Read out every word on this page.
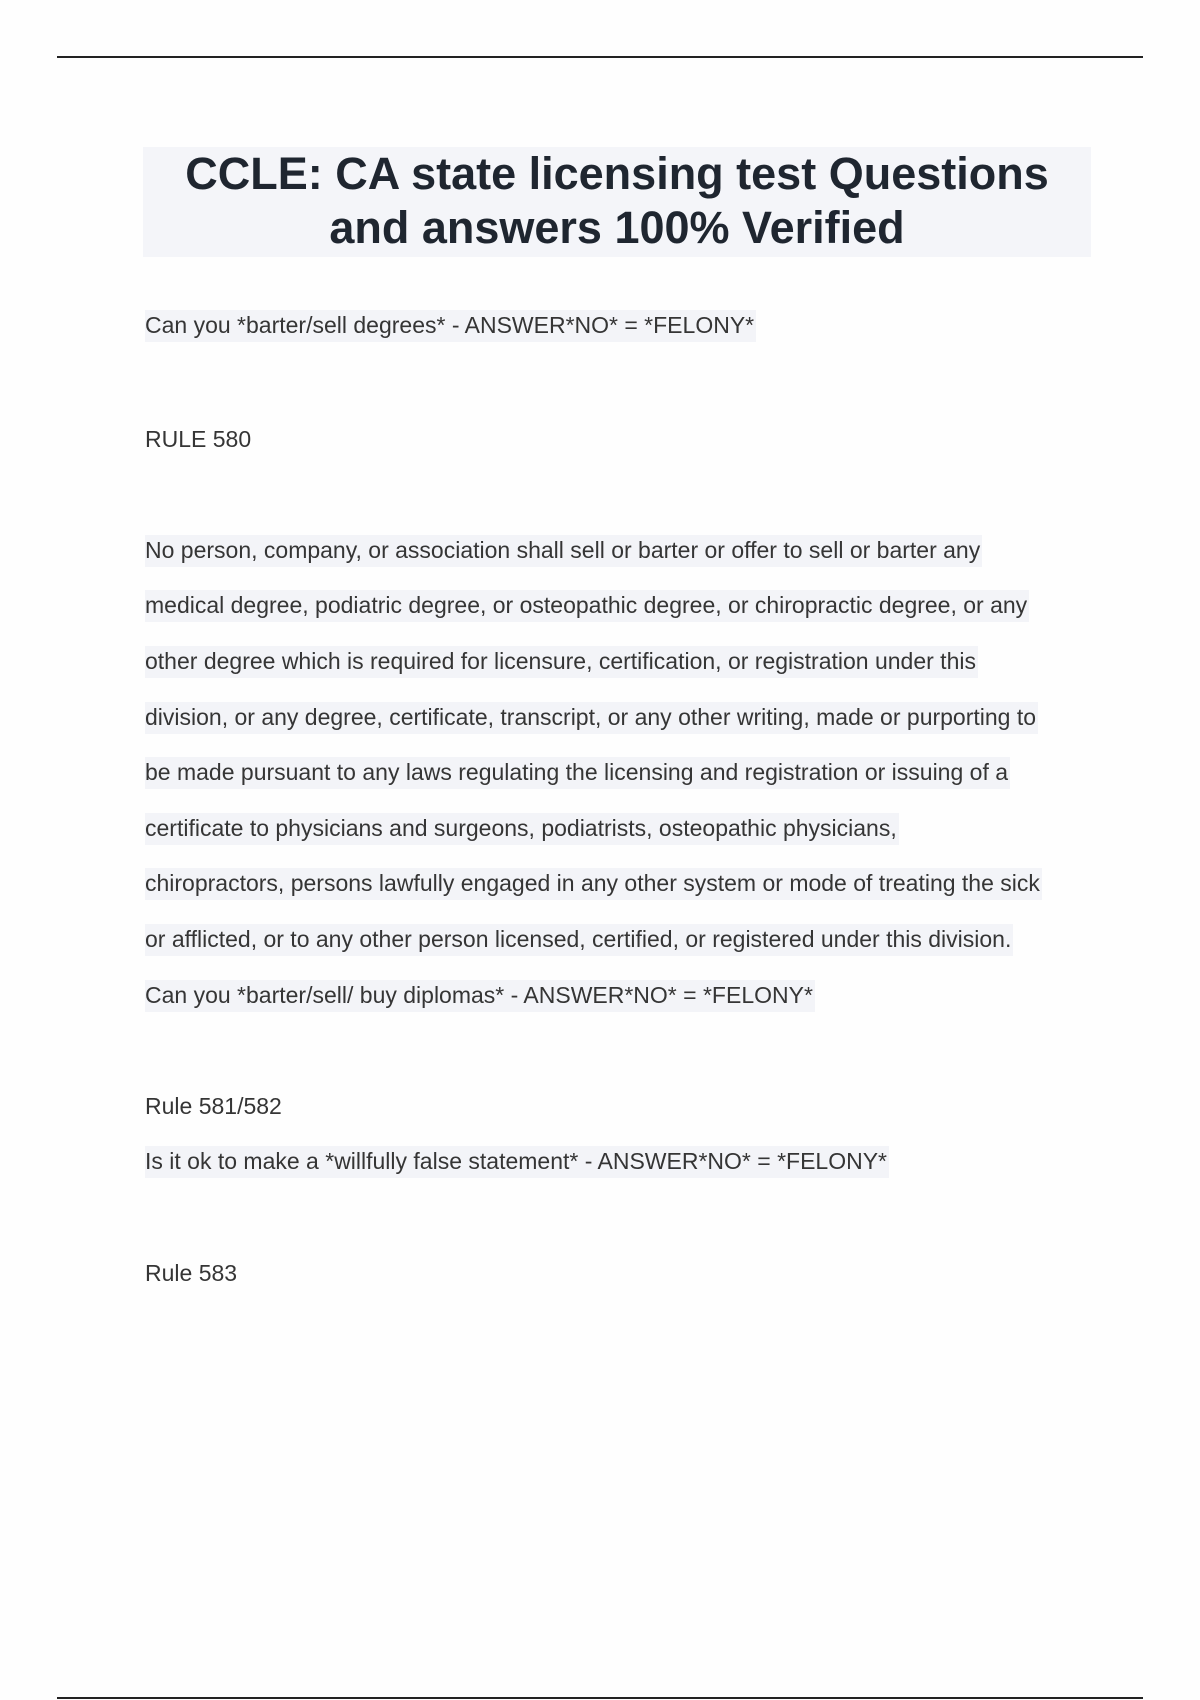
CCLE: CA state licensing test Questions and answers 100% Verified
Can you *barter/sell degrees* - ANSWER*NO* = *FELONY*
RULE 580
No person, company, or association shall sell or barter or offer to sell or barter any
medical degree, podiatric degree, or osteopathic degree, or chiropractic degree, or any
other degree which is required for licensure, certification, or registration under this
division, or any degree, certificate, transcript, or any other writing, made or purporting to
be made pursuant to any laws regulating the licensing and registration or issuing of a
certificate to physicians and surgeons, podiatrists, osteopathic physicians,
chiropractors, persons lawfully engaged in any other system or mode of treating the sick
or afflicted, or to any other person licensed, certified, or registered under this division.
Can you *barter/sell/ buy diplomas* - ANSWER*NO* = *FELONY*
Rule 581/582
Is it ok to make a *willfully false statement* - ANSWER*NO* = *FELONY*
Rule 583
